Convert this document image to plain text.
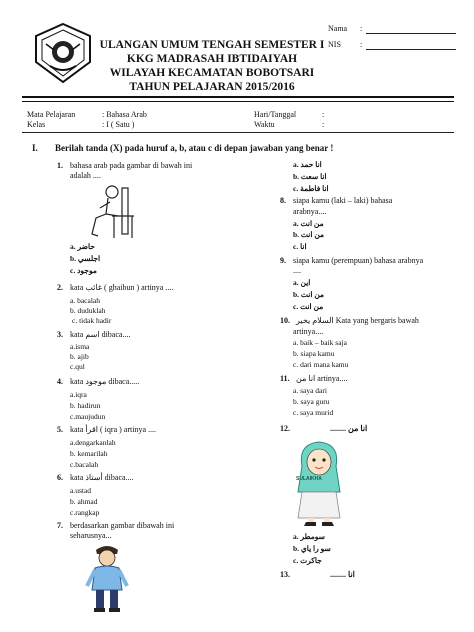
ULANGAN UMUM TENGAH SEMESTER I
KKG MADRASAH IBTIDAIYAH
WILAYAH KECAMATAN BOBOTSARI
TAHUN PELAJARAN 2015/2016
Nama :
NIS :
Mata Pelajaran	: Bahasa Arab
Kelas	: I ( Satu )
Hari/Tanggal	:
Waktu	:
I. Berilah tanda (X) pada huruf a, b, atau c di depan jawaban yang benar !
1. bahasa arab pada gambar di bawah ini
adalah ....
a. حاضر
b. اجلسي
c. موجود
2. kata غائب ( ghaibun ) artinya ....
a. bacalah
b. duduklah
c. tidak hadir
3. kata اسم dibaca....
a.isma
b. ajib
c.qul
4. kata موجود dibaca.....
a.iqra
b. hadirun
c.maujudun
5. kata اقرأ ( iqra ) artinya ....
a.dengarkanlah
b. kemarilah
c.bacalah
6. kata أستاذ dibaca....
a.ustad
b. ahmad
c.rangkap
7. berdasarkan gambar dibawah ini
seharusnya...
a. انا حمد
b. انا سعت
c. انا فاطمة
8. siapa kamu (laki – laki) bahasa
arabnya....
a. من انت
b. من انت
c. انا
9. siapa kamu (perempuan) bahasa arabnya
....
a. اين
b. من انت
c. من انت
10. السلام يخير Kata yang bergaris bawah
artinya....
a. baik – baik saja
b. siapa kamu
c. dari mana kamu
11. انا من artinya....
a. saya dari
b. saya guru
c. saya murid
12.	........ انا من
SULAIKHA
a. سومطر
b. سو را ياي
c. جاكرت
13.	........ انا
